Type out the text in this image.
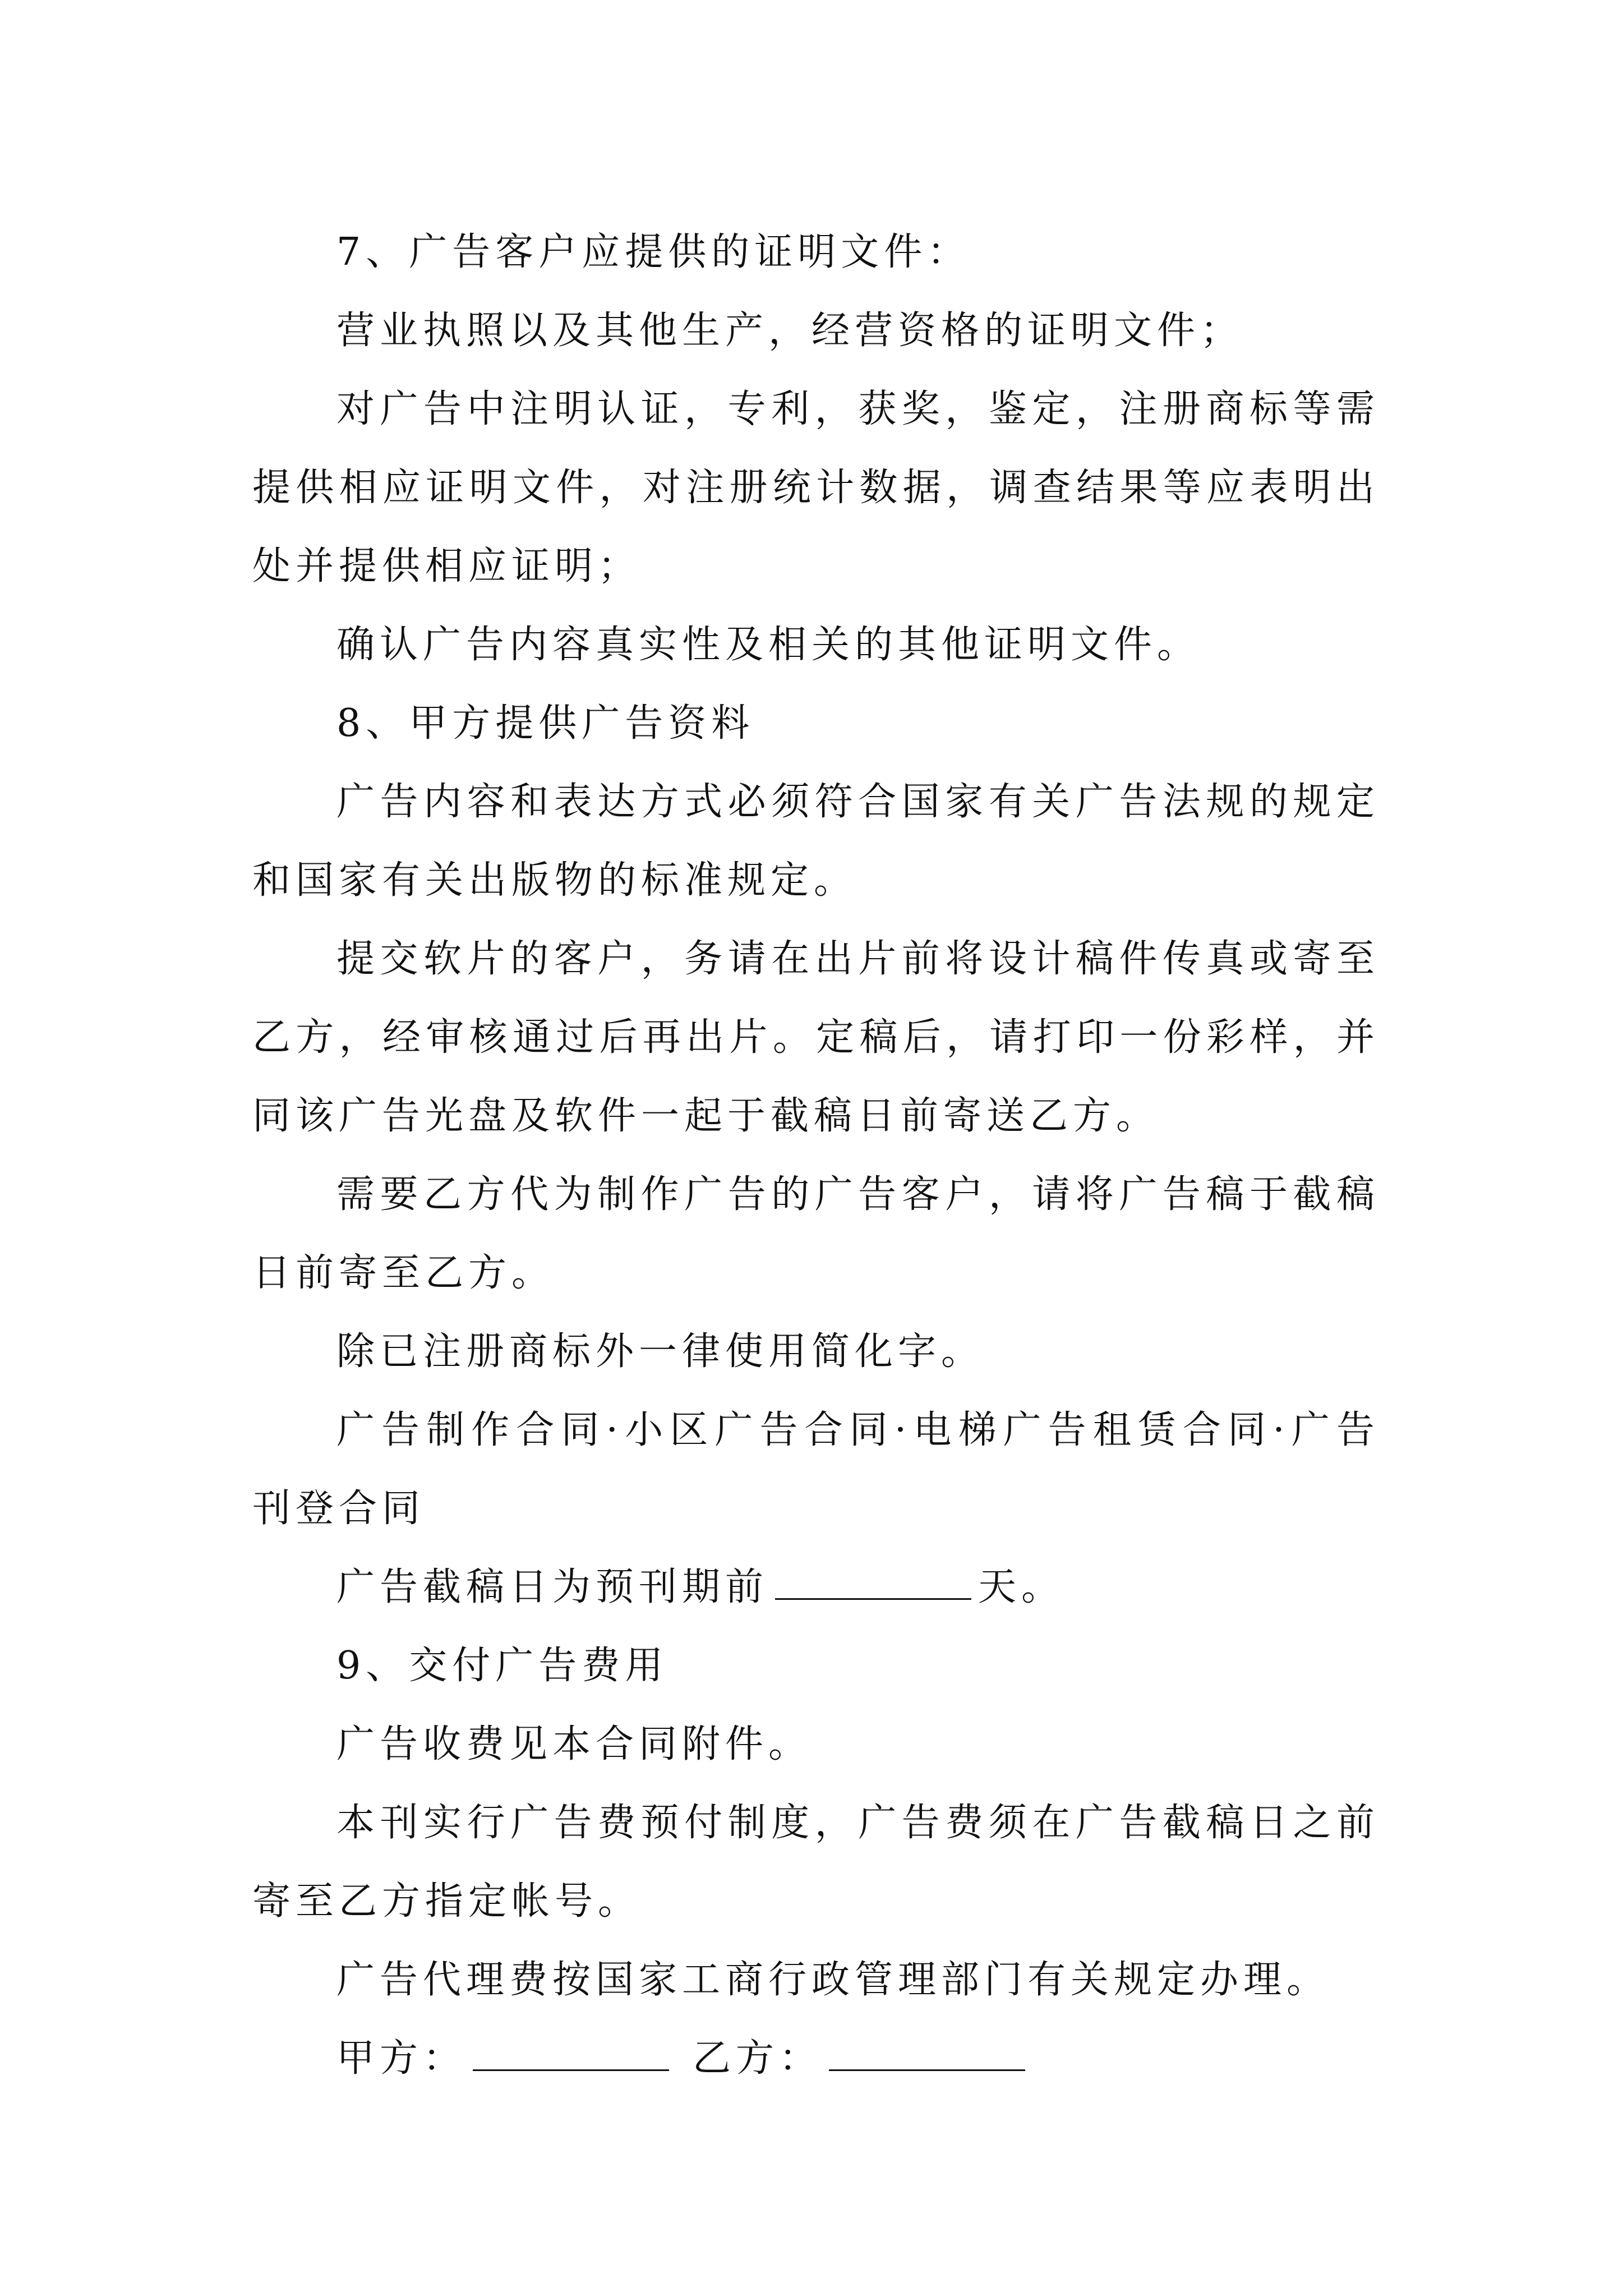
7、广告客户应提供的证明文件：

营业执照以及其他生产，经营资格的证明文件；

对广告中注明认证，专利，获奖，鉴定，注册商标等需提供相应证明文件，对注册统计数据，调查结果等应表明出处并提供相应证明；

确认广告内容真实性及相关的其他证明文件。

8、甲方提供广告资料

广告内容和表达方式必须符合国家有关广告法规的规定和国家有关出版物的标准规定。

提交软片的客户，务请在出片前将设计稿件传真或寄至乙方，经审核通过后再出片。定稿后，请打印一份彩样，并同该广告光盘及软件一起于截稿日前寄送乙方。

需要乙方代为制作广告的广告客户，请将广告稿于截稿日前寄至乙方。

除已注册商标外一律使用简化字。

广告制作合同·小区广告合同·电梯广告租赁合同·广告刊登合同

广告截稿日为预刊期前	天。

9、交付广告费用

广告收费见本合同附件。

本刊实行广告费预付制度，广告费须在广告截稿日之前寄至乙方指定帐号。

广告代理费按国家工商行政管理部门有关规定办理。

甲方：	乙方：
